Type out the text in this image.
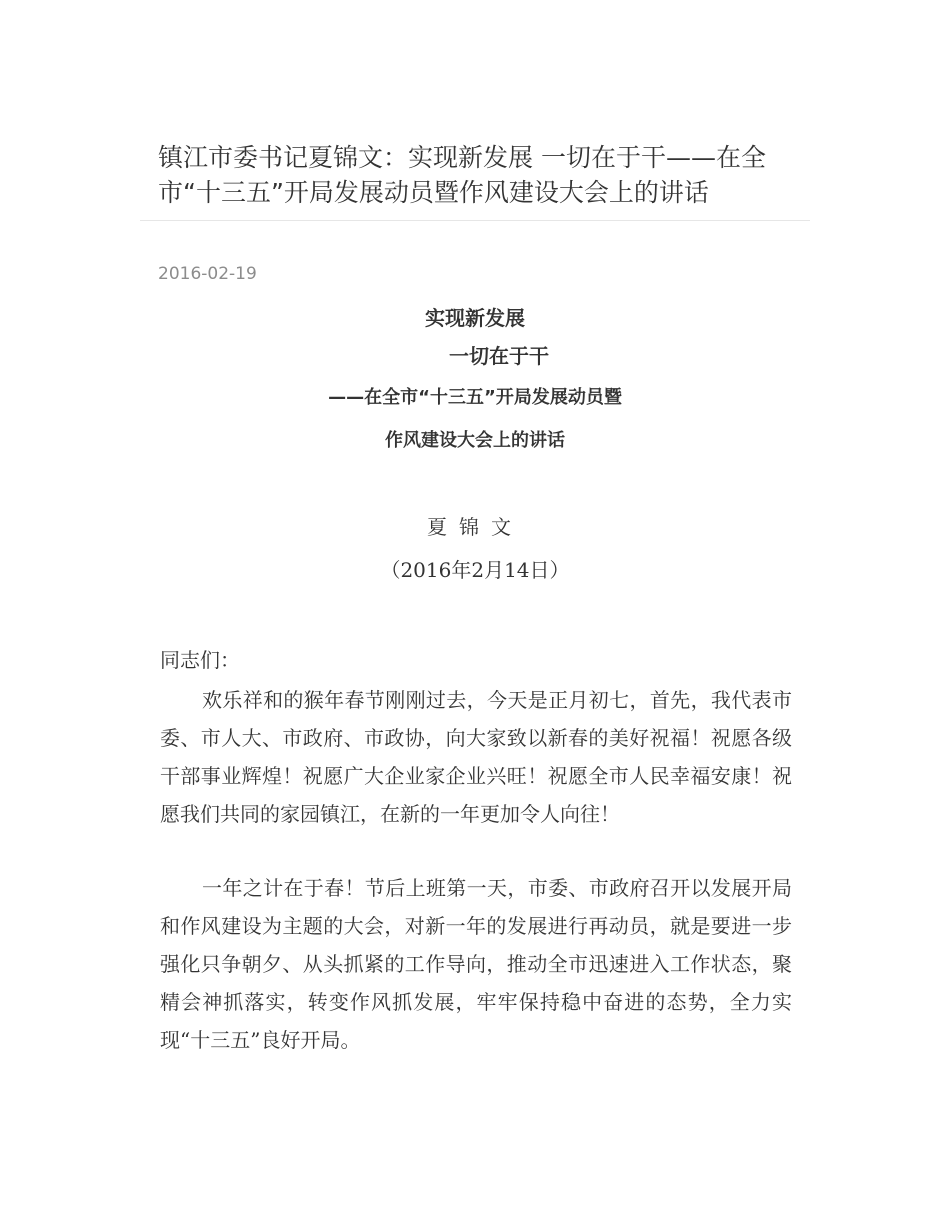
镇江市委书记夏锦文：实现新发展 一切在于干——在全市“十三五”开局发展动员暨作风建设大会上的讲话
2016-02-19
实现新发展
一切在于干
——在全市“十三五”开局发展动员暨
作风建设大会上的讲话
夏锦文
（2016年2月14日）

同志们：

欢乐祥和的猴年春节刚刚过去，今天是正月初七，首先，我代表市委、市人大、市政府、市政协，向大家致以新春的美好祝福！祝愿各级干部事业辉煌！祝愿广大企业家企业兴旺！祝愿全市人民幸福安康！祝愿我们共同的家园镇江，在新的一年更加令人向往！

一年之计在于春！节后上班第一天，市委、市政府召开以发展开局和作风建设为主题的大会，对新一年的发展进行再动员，就是要进一步强化只争朝夕、从头抓紧的工作导向，推动全市迅速进入工作状态，聚精会神抓落实，转变作风抓发展，牢牢保持稳中奋进的态势，全力实现“十三五”良好开局。
